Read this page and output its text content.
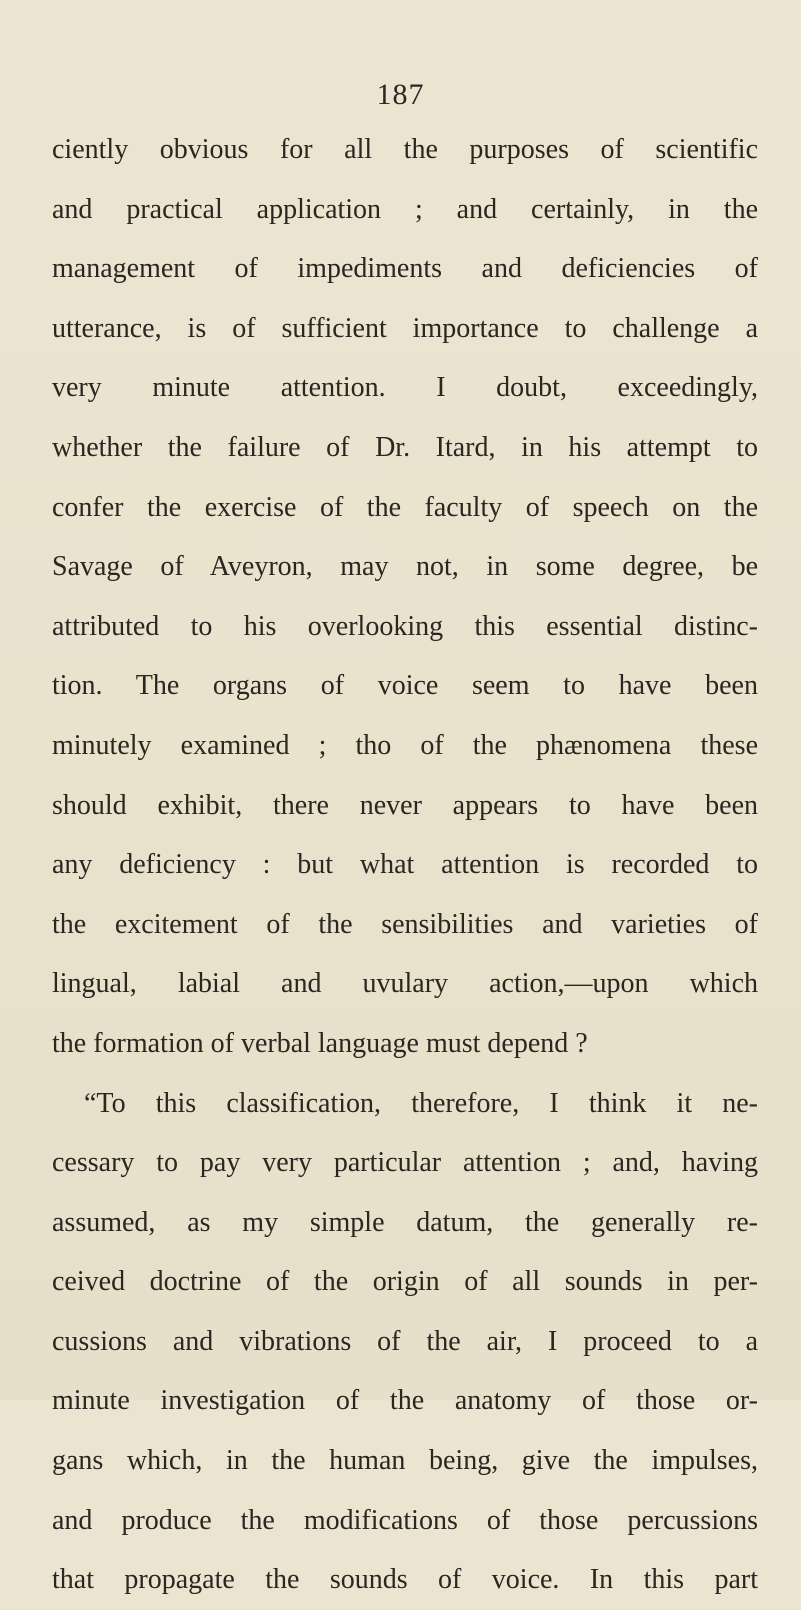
187
ciently obvious for all the purposes of scientific
and practical application ; and certainly, in the
management of impediments and deficiencies of
utterance, is of sufficient importance to challenge a
very minute attention. I doubt, exceedingly,
whether the failure of Dr. Itard, in his attempt to
confer the exercise of the faculty of speech on the
Savage of Aveyron, may not, in some degree, be
attributed to his overlooking this essential distinc-
tion. The organs of voice seem to have been
minutely examined ; tho of the phænomena these
should exhibit, there never appears to have been
any deficiency : but what attention is recorded to
the excitement of the sensibilities and varieties of
lingual, labial and uvulary action,—upon which
the formation of verbal language must depend ?
“To this classification, therefore, I think it ne-
cessary to pay very particular attention ; and, having
assumed, as my simple datum, the generally re-
ceived doctrine of the origin of all sounds in per-
cussions and vibrations of the air, I proceed to a
minute investigation of the anatomy of those or-
gans which, in the human being, give the impulses,
and produce the modifications of those percussions
that propagate the sounds of voice. In this part
